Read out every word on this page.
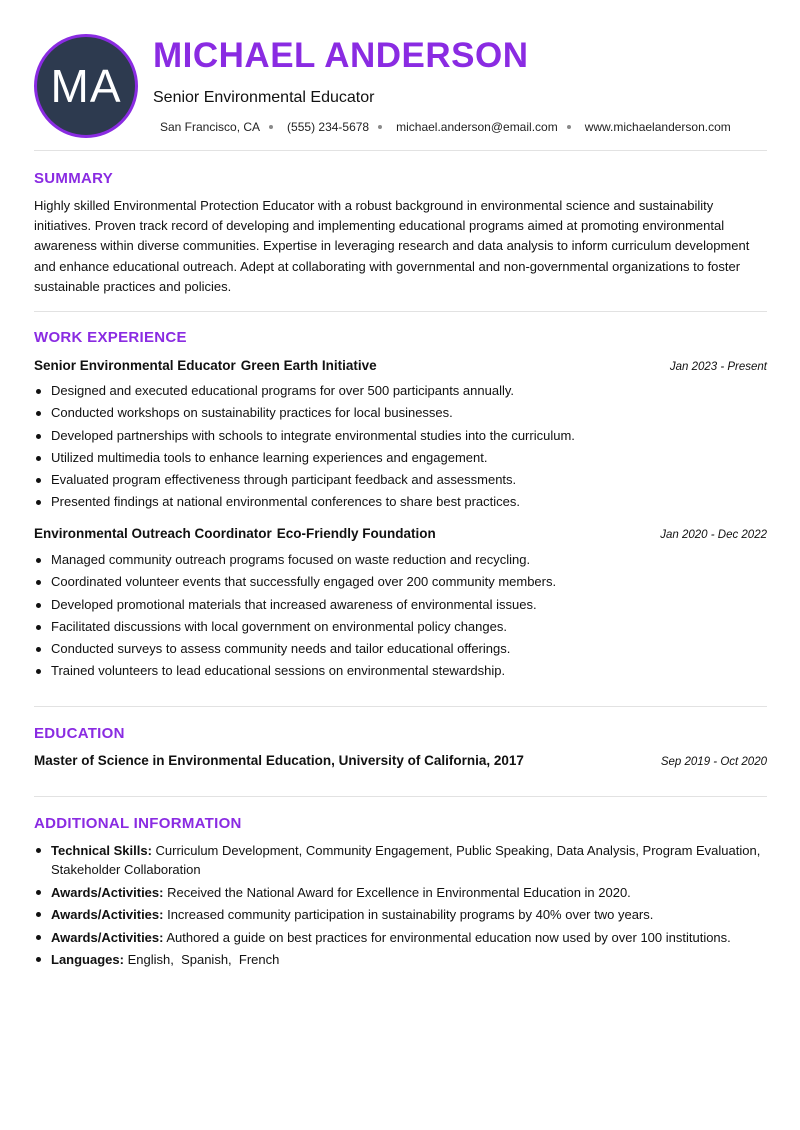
MA
MICHAEL ANDERSON
Senior Environmental Educator
San Francisco, CA (555) 234-5678 michael.anderson@email.com www.michaelanderson.com
SUMMARY

Highly skilled Environmental Protection Educator with a robust background in environmental science and sustainability initiatives. Proven track record of developing and implementing educational programs aimed at promoting environmental awareness within diverse communities. Expertise in leveraging research and data analysis to inform curriculum development and enhance educational outreach. Adept at collaborating with governmental and non-governmental organizations to foster sustainable practices and policies.

WORK EXPERIENCE
Senior Environmental Educator Green Earth Initiative	Jan 2023 - Present
Designed and executed educational programs for over 500 participants annually.
Conducted workshops on sustainability practices for local businesses.
Developed partnerships with schools to integrate environmental studies into the curriculum.
Utilized multimedia tools to enhance learning experiences and engagement.
Evaluated program effectiveness through participant feedback and assessments.
Presented findings at national environmental conferences to share best practices.
Environmental Outreach Coordinator Eco-Friendly Foundation	Jan 2020 - Dec 2022
Managed community outreach programs focused on waste reduction and recycling.
Coordinated volunteer events that successfully engaged over 200 community members.
Developed promotional materials that increased awareness of environmental issues.
Facilitated discussions with local government on environmental policy changes.
Conducted surveys to assess community needs and tailor educational offerings.
Trained volunteers to lead educational sessions on environmental stewardship.
EDUCATION
Master of Science in Environmental Education, University of California, 2017	Sep 2019 - Oct 2020
ADDITIONAL INFORMATION
Technical Skills: Curriculum Development, Community Engagement, Public Speaking, Data Analysis, Program Evaluation, Stakeholder Collaboration
Awards/Activities: Received the National Award for Excellence in Environmental Education in 2020.
Awards/Activities: Increased community participation in sustainability programs by 40% over two years.
Awards/Activities: Authored a guide on best practices for environmental education now used by over 100 institutions.
Languages: English,  Spanish,  French
